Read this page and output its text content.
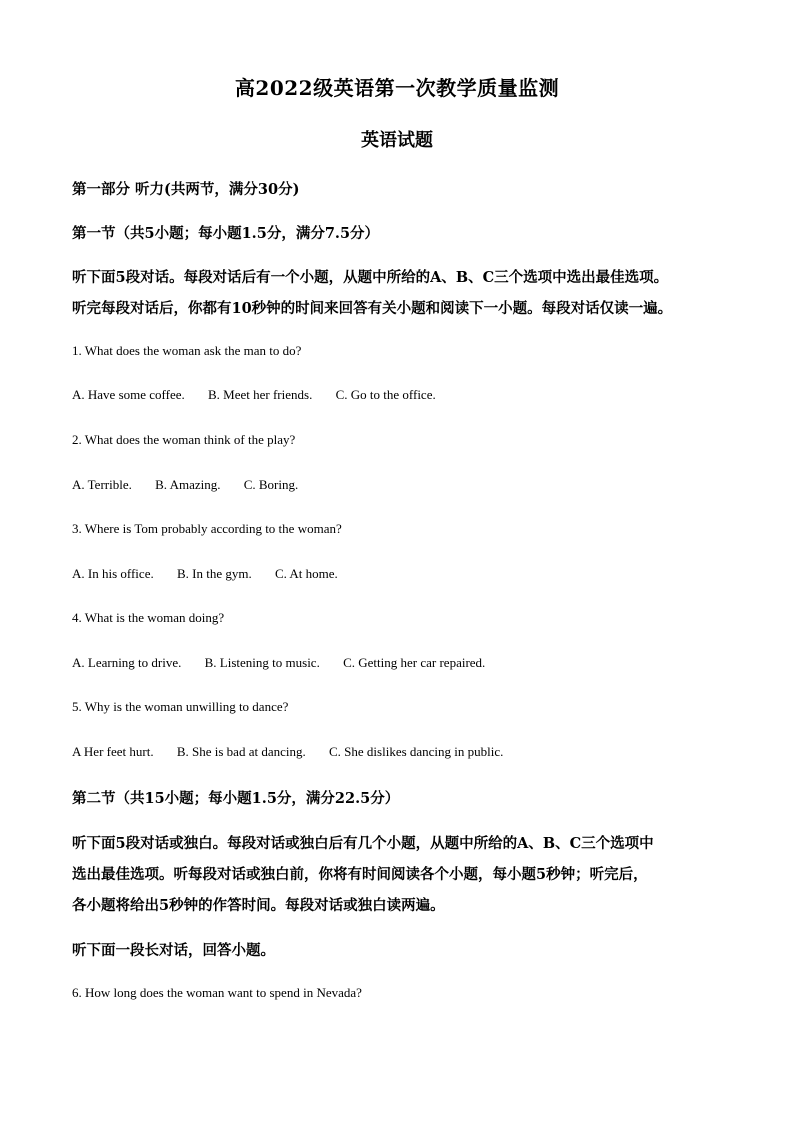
高2022级英语第一次教学质量监测
英语试题
第一部分 听力(共两节，满分30分)
第一节（共5小题；每小题1.5分，满分7.5分）
听下面5段对话。每段对话后有一个小题，从题中所给的A、B、C三个选项中选出最佳选项。
听完每段对话后，你都有10秒钟的时间来回答有关小题和阅读下一小题。每段对话仅读一遍。
1. What does the woman ask the man to do?
A. Have some coffee. B. Meet her friends. C. Go to the office.
2. What does the woman think of the play?
A. Terrible. B. Amazing. C. Boring.
3. Where is Tom probably according to the woman?
A. In his office. B. In the gym. C. At home.
4. What is the woman doing?
A. Learning to drive. B. Listening to music. C. Getting her car repaired.
5. Why is the woman unwilling to dance?
A Her feet hurt. B. She is bad at dancing. C. She dislikes dancing in public.
第二节（共15小题；每小题1.5分，满分22.5分）
听下面5段对话或独白。每段对话或独白后有几个小题，从题中所给的A、B、C三个选项中
选出最佳选项。听每段对话或独白前，你将有时间阅读各个小题，每小题5秒钟；听完后，
各小题将给出5秒钟的作答时间。每段对话或独白读两遍。
听下面一段长对话，回答小题。
6. How long does the woman want to spend in Nevada?
